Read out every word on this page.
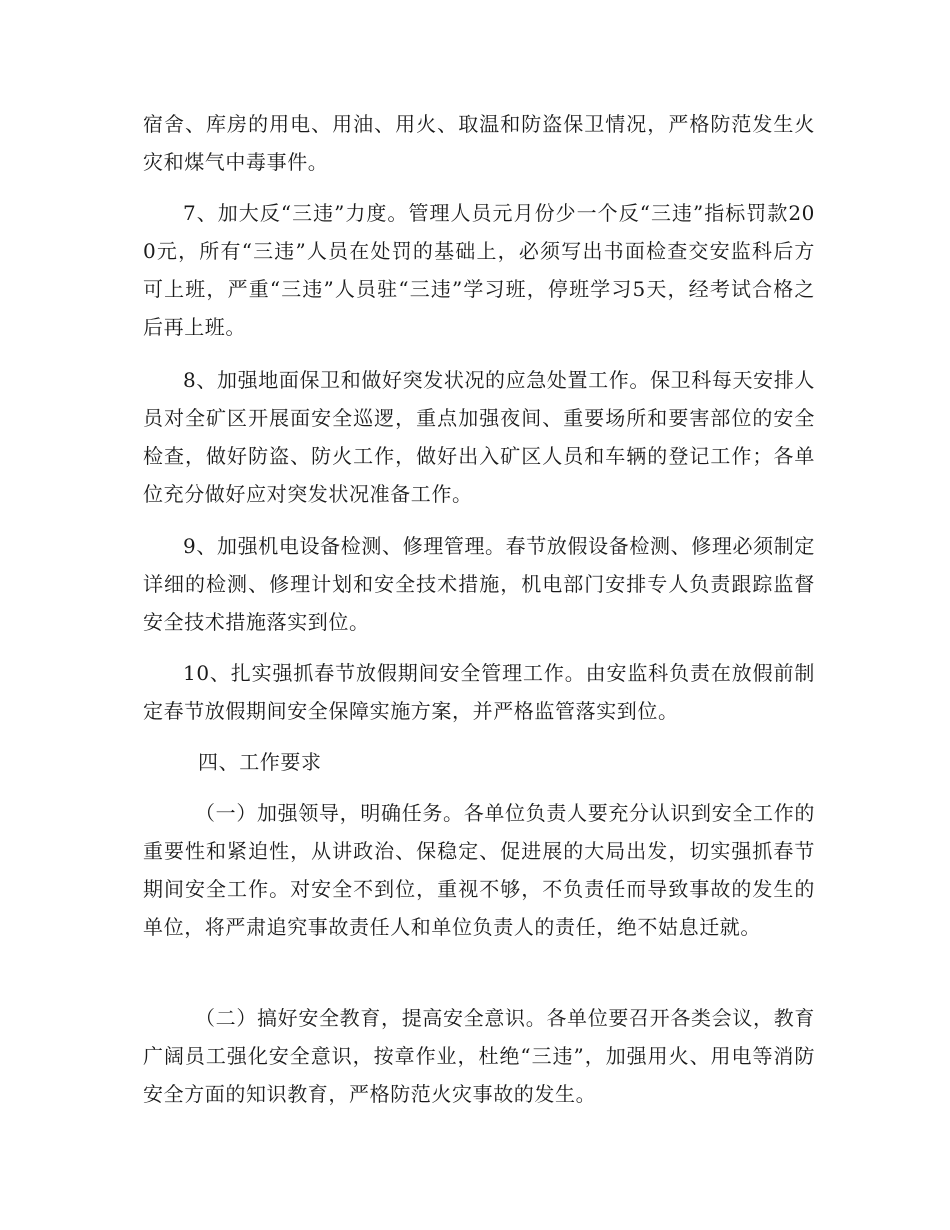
宿舍、库房的用电、用油、用火、取温和防盗保卫情况，严格防范发生火灾和煤气中毒事件。

7、加大反“三违”力度。管理人员元月份少一个反“三违”指标罚款200元，所有“三违”人员在处罚的基础上，必须写出书面检查交安监科后方可上班，严重“三违”人员驻“三违”学习班，停班学习5天，经考试合格之后再上班。

8、加强地面保卫和做好突发状况的应急处置工作。保卫科每天安排人员对全矿区开展面安全巡逻，重点加强夜间、重要场所和要害部位的安全检查，做好防盗、防火工作，做好出入矿区人员和车辆的登记工作；各单位充分做好应对突发状况准备工作。

9、加强机电设备检测、修理管理。春节放假设备检测、修理必须制定详细的检测、修理计划和安全技术措施，机电部门安排专人负责跟踪监督安全技术措施落实到位。

10、扎实强抓春节放假期间安全管理工作。由安监科负责在放假前制定春节放假期间安全保障实施方案，并严格监管落实到位。

四、工作要求

（一）加强领导，明确任务。各单位负责人要充分认识到安全工作的重要性和紧迫性，从讲政治、保稳定、促进展的大局出发，切实强抓春节期间安全工作。对安全不到位，重视不够，不负责任而导致事故的发生的单位，将严肃追究事故责任人和单位负责人的责任，绝不姑息迁就。

（二）搞好安全教育，提高安全意识。各单位要召开各类会议，教育广阔员工强化安全意识，按章作业，杜绝“三违”，加强用火、用电等消防安全方面的知识教育，严格防范火灾事故的发生。
